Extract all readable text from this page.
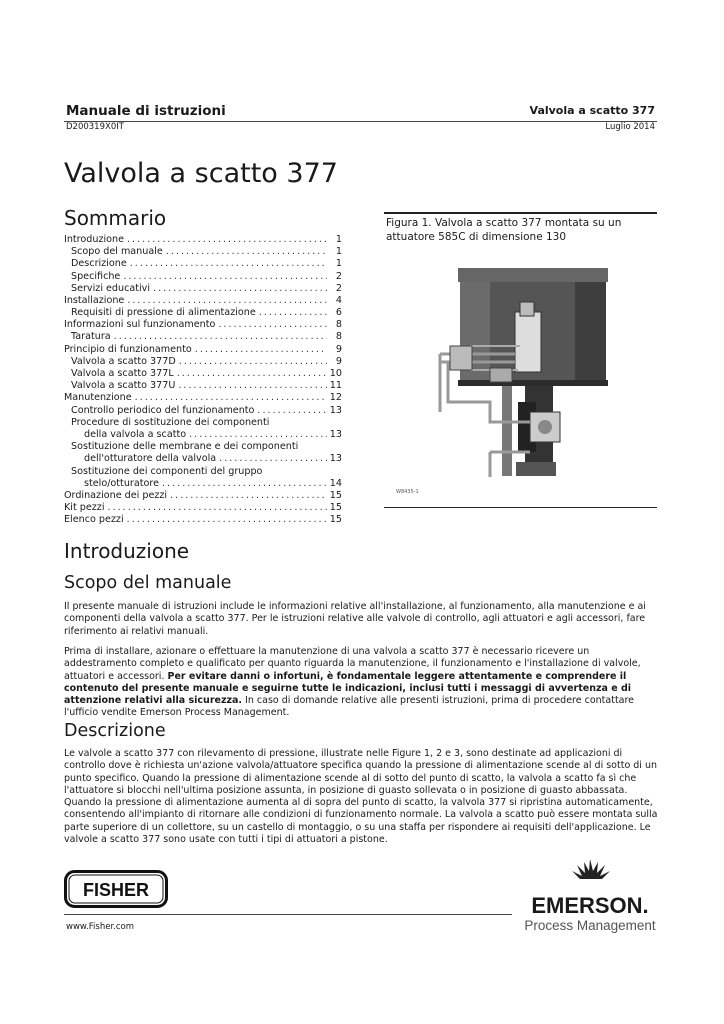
Manuale di istruzioni
D200319X0IT
Valvola a scatto 377
Luglio 2014
Valvola a scatto 377
Sommario
Introduzione .....	1
Scopo del manuale .....	1
Descrizione .....	1
Specifiche .....	2
Servizi educativi .....	2
Installazione .....	4
Requisiti di pressione di alimentazione .....	6
Informazioni sul funzionamento .....	8
Taratura .....	8
Principio di funzionamento .....	9
Valvola a scatto 377D .....	9
Valvola a scatto 377L .....	10
Valvola a scatto 377U .....	11
Manutenzione .....	12
Controllo periodico del funzionamento .....	13
Procedure di sostituzione dei componenti
della valvola a scatto .....	13
Sostituzione delle membrane e dei componenti
dell'otturatore della valvola .....	13
Sostituzione dei componenti del gruppo
stelo/otturatore .....	14
Ordinazione dei pezzi .....	15
Kit pezzi .....	15
Elenco pezzi .....	15
Figura 1. Valvola a scatto 377 montata su un attuatore 585C di dimensione 130
W8435-1
Introduzione
Scopo del manuale
Il presente manuale di istruzioni include le informazioni relative all'installazione, al funzionamento, alla manutenzione e ai componenti della valvola a scatto 377. Per le istruzioni relative alle valvole di controllo, agli attuatori e agli accessori, fare riferimento ai relativi manuali.
Prima di installare, azionare o effettuare la manutenzione di una valvola a scatto 377 è necessario ricevere un addestramento completo e qualificato per quanto riguarda la manutenzione, il funzionamento e l'installazione di valvole, attuatori e accessori. Per evitare danni o infortuni, è fondamentale leggere attentamente e comprendere il contenuto del presente manuale e seguirne tutte le indicazioni, inclusi tutti i messaggi di avvertenza e di attenzione relativi alla sicurezza. In caso di domande relative alle presenti istruzioni, prima di procedere contattare l'ufficio vendite Emerson Process Management.
Descrizione
Le valvole a scatto 377 con rilevamento di pressione, illustrate nelle Figure 1, 2 e 3, sono destinate ad applicazioni di controllo dove è richiesta un'azione valvola/attuatore specifica quando la pressione di alimentazione scende al di sotto di un punto specifico. Quando la pressione di alimentazione scende al di sotto del punto di scatto, la valvola a scatto fa sì che l'attuatore si blocchi nell'ultima posizione assunta, in posizione di guasto sollevata o in posizione di guasto abbassata. Quando la pressione di alimentazione aumenta al di sopra del punto di scatto, la valvola 377 si ripristina automaticamente, consentendo all'impianto di ritornare alle condizioni di funzionamento normale. La valvola a scatto può essere montata sulla parte superiore di un collettore, su un castello di montaggio, o su una staffa per rispondere ai requisiti dell'applicazione. Le valvole a scatto 377 sono usate con tutti i tipi di attuatori a pistone.
FISHER
www.Fisher.com
EMERSON.
Process Management
